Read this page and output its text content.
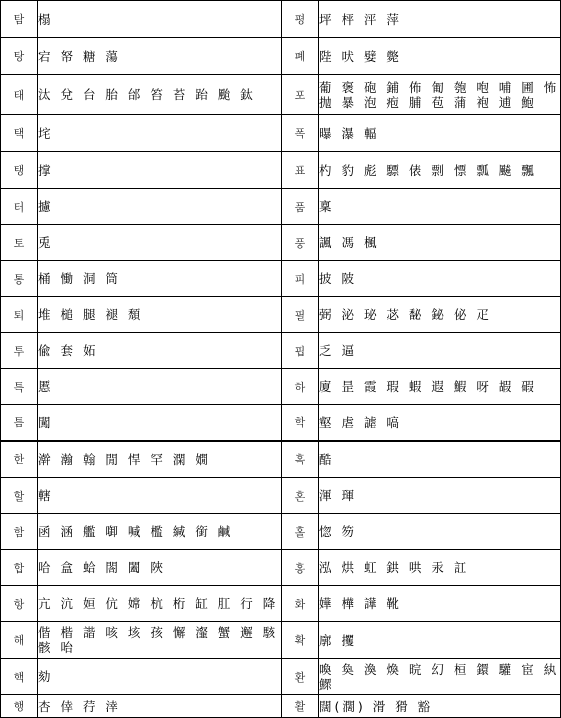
탐	榻
탕	宕 帑 糖 蕩
태	汰 兌 台 胎 邰 笞 苔 跆 颱 鈦
택	垞
탱	撑
터	攄
토	兎
통	桶 慟 洞 筒
퇴	堆 槌 腿 褪 頹
투	偸 套 妬
특	慝
틈	闖
한	澣 瀚 翰 閒 悍 罕 澖 嫺
할	轄
함	函 涵 艦 啣 喊 檻 緘 銜 鹹
합	哈 盒 蛤 閤 闔 陜
항	亢 沆 姮 伉 嫦 杭 桁 缸 肛 行 降
해	偕 楷 諧 咳 垓 孩 懈 瀣 蟹 邂 駭 骸 咍
핵	劾
행	杏 倖 荇 涬
평	坪 枰 泙 萍
폐	陛 吠 嬖 斃
포	葡 褒 砲 鋪 佈 匍 匏 咆 哺 圃 怖 抛 暴 泡 疱 脯 苞 蒲 袍 逋 鮑
폭	曝 瀑 輻
표	杓 豹 彪 驃 俵 剽 慓 瓢 飇 飄
품	稟
풍	諷 馮 楓
피	披 陂
필	弼 泌 珌 苾 馝 鉍 佖 疋
핍	乏 逼
하	廈 昰 霞 瑕 蝦 遐 鰕 呀 嘏 碬
학	壑 虐 謔 嗃
혹	酷
혼	渾 琿
홀	惚 笏
홍	泓 烘 虹 鉷 哄 汞 訌
화	嬅 樺 譁 靴
확	廓 攫
환	喚 奐 渙 煥 晥 幻 桓 鐶 驩 宦 紈 鰥
활	闊(濶) 滑 猾 豁
